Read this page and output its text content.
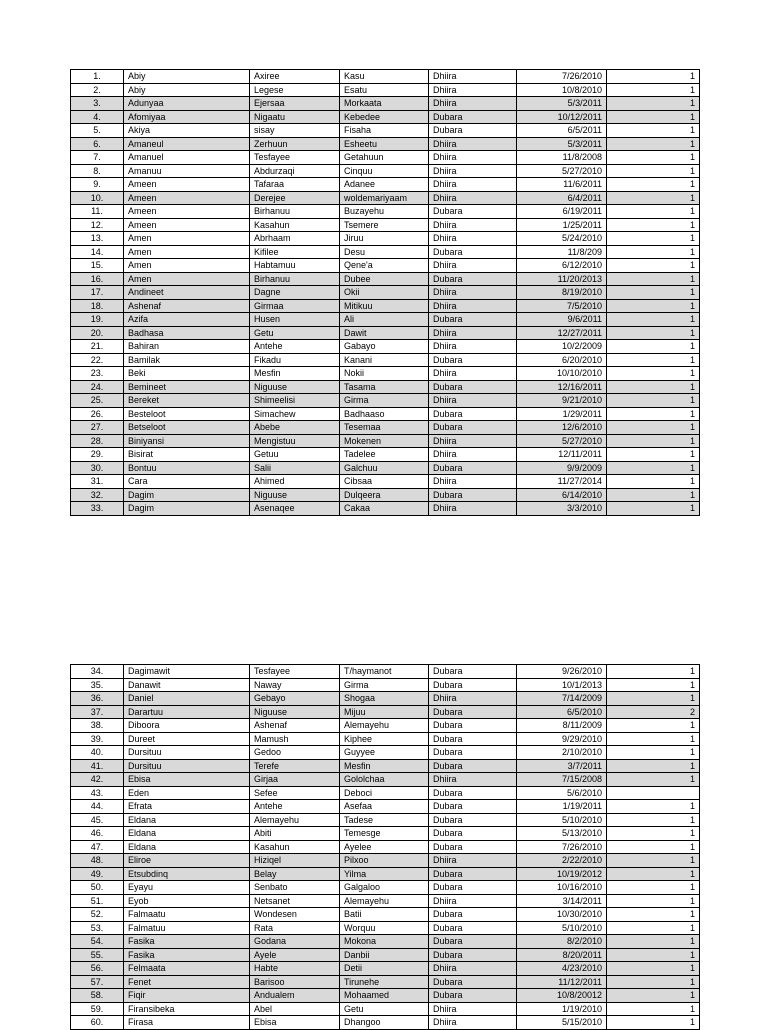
1.	Abiy	Axiree	Kasu	Dhiira	7/26/2010	1
2.	Abiy	Legese	Esatu	Dhiira	10/8/2010	1
3.	Adunyaa	Ejersaa	Morkaata	Dhiira	5/3/2011	1
4.	Afomiyaa	Nigaatu	Kebedee	Dubara	10/12/2011	1
5.	Akiya	sisay	Fisaha	Dubara	6/5/2011	1
6.	Amaneul	Zerhuun	Esheetu	Dhiira	5/3/2011	1
7.	Amanuel	Tesfayee	Getahuun	Dhiira	11/8/2008	1
8.	Amanuu	Abdurzaqi	Cinquu	Dhiira	5/27/2010	1
9.	Ameen	Tafaraa	Adanee	Dhiira	11/6/2011	1
10.	Ameen	Derejee	woldemariyaam	Dhiira	6/4/2011	1
11.	Ameen	Birhanuu	Buzayehu	Dubara	6/19/2011	1
12.	Ameen	Kasahun	Tsemere	Dhiira	1/25/2011	1
13.	Amen	Abrhaam	Jiruu	Dhiira	5/24/2010	1
14.	Amen	Kifilee	Desu	Dubara	11/8/209	1
15.	Amen	Habtamuu	Qene'a	Dhiira	6/12/2010	1
16.	Amen	Birhanuu	Dubee	Dubara	11/20/2013	1
17.	Andineet	Dagne	Okii	Dhiira	8/19/2010	1
18.	Ashenaf	Girmaa	Mitikuu	Dhiira	7/5/2010	1
19.	Azifa	Husen	Ali	Dubara	9/6/2011	1
20.	Badhasa	Getu	Dawit	Dhiira	12/27/2011	1
21.	Bahiran	Antehe	Gabayo	Dhiira	10/2/2009	1
22.	Bamilak	Fikadu	Kanani	Dubara	6/20/2010	1
23.	Beki	Mesfin	Nokii	Dhiira	10/10/2010	1
24.	Bemineet	Niguuse	Tasama	Dubara	12/16/2011	1
25.	Bereket	Shimeelisi	Girma	Dhiira	9/21/2010	1
26.	Besteloot	Simachew	Badhaaso	Dubara	1/29/2011	1
27.	Betseloot	Abebe	Tesemaa	Dubara	12/6/2010	1
28.	Biniyansi	Mengistuu	Mokenen	Dhiira	5/27/2010	1
29.	Bisirat	Getuu	Tadelee	Dhiira	12/11/2011	1
30.	Bontuu	Salii	Galchuu	Dubara	9/9/2009	1
31.	Cara	Ahimed	Cibsaa	Dhiira	11/27/2014	1
32.	Dagim	Niguuse	Dulqeera	Dubara	6/14/2010	1
33.	Dagim	Asenaqee	Cakaa	Dhiira	3/3/2010	1
34.	Dagimawit	Tesfayee	T/haymanot	Dubara	9/26/2010	1
35.	Danawit	Naway	Girma	Dubara	10/1/2013	1
36.	Daniel	Gebayo	Shogaa	Dhiira	7/14/2009	1
37.	Darartuu	Niguuse	Mijuu	Dubara	6/5/2010	2
38.	Diboora	Ashenaf	Alemayehu	Dubara	8/11/2009	1
39.	Dureet	Mamush	Kiphee	Dubara	9/29/2010	1
40.	Dursituu	Gedoo	Guyyee	Dubara	2/10/2010	1
41.	Dursituu	Terefe	Mesfin	Dubara	3/7/2011	1
42.	Ebisa	Girjaa	Gololchaa	Dhiira	7/15/2008	1
43.	Eden	Sefee	Deboci	Dubara	5/6/2010	
44.	Efrata	Antehe	Asefaa	Dubara	1/19/2011	1
45.	Eldana	Alemayehu	Tadese	Dubara	5/10/2010	1
46.	Eldana	Abiti	Temesge	Dubara	5/13/2010	1
47.	Eldana	Kasahun	Ayelee	Dubara	7/26/2010	1
48.	Eliroe	Hiziqel	Pilxoo	Dhiira	2/22/2010	1
49.	Etsubdinq	Belay	Yilma	Dubara	10/19/2012	1
50.	Eyayu	Senbato	Galgaloo	Dubara	10/16/2010	1
51.	Eyob	Netsanet	Alemayehu	Dhiira	3/14/2011	1
52.	Falmaatu	Wondesen	Batii	Dubara	10/30/2010	1
53.	Falmatuu	Rata	Worquu	Dubara	5/10/2010	1
54.	Fasika	Godana	Mokona	Dubara	8/2/2010	1
55.	Fasika	Ayele	Danbii	Dubara	8/20/2011	1
56.	Felmaata	Habte	Detii	Dhiira	4/23/2010	1
57.	Fenet	Barisoo	Tirunehe	Dubara	11/12/2011	1
58.	Fiqir	Andualem	Mohaamed	Dubara	10/8/20012	1
59.	Firansibeka	Abel	Getu	Dhiira	1/19/2010	1
60.	Firasa	Ebisa	Dhangoo	Dhiira	5/15/2010	1
